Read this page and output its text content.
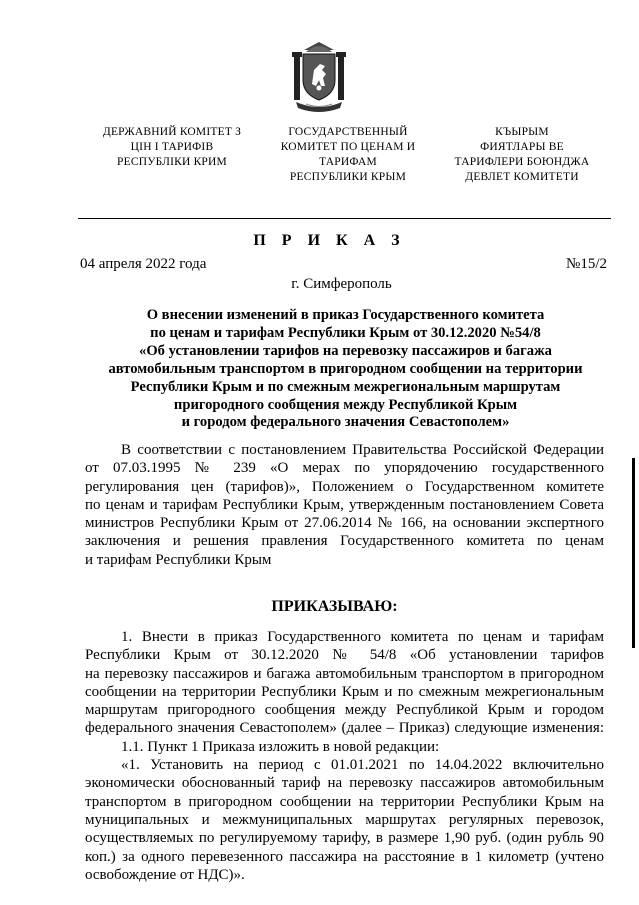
ДЕРЖАВНИЙ КОМІТЕТ З
ЦІН І ТАРИФІВ
РЕСПУБЛІКИ КРИМ
ГОСУДАРСТВЕННЫЙ
КОМИТЕТ ПО ЦЕНАМ И
ТАРИФАМ
РЕСПУБЛИКИ КРЫМ
КЪЫРЫМ
ФИЯТЛАРЫ ВЕ
ТАРИФЛЕРИ БОЮНДЖА
ДЕВЛЕТ КОМИТЕТИ
П Р И К А З
04 апреля 2022 года	№15/2
г. Симферополь
О внесении изменений в приказ Государственного комитета
по ценам и тарифам Республики Крым от 30.12.2020 №54/8
«Об установлении тарифов на перевозку пассажиров и багажа
автомобильным транспортом в пригородном сообщении на территории
Республики Крым и по смежным межрегиональным маршрутам
пригородного сообщения между Республикой Крым
и городом федерального значения Севастополем»
В соответствии с постановлением Правительства Российской Федерации
от 07.03.1995 № 239 «О мерах по упорядочению государственного
регулирования цен (тарифов)», Положением о Государственном комитете
по ценам и тарифам Республики Крым, утвержденным постановлением Совета
министров Республики Крым от 27.06.2014 № 166, на основании экспертного
заключения и решения правления Государственного комитета по ценам
и тарифам Республики Крым
ПРИКАЗЫВАЮ:
1. Внести в приказ Государственного комитета по ценам и тарифам
Республики Крым от 30.12.2020 № 54/8 «Об установлении тарифов
на перевозку пассажиров и багажа автомобильным транспортом в пригородном
сообщении на территории Республики Крым и по смежным межрегиональным
маршрутам пригородного сообщения между Республикой Крым и городом
федерального значения Севастополем» (далее – Приказ) следующие изменения:
1.1. Пункт 1 Приказа изложить в новой редакции:
«1. Установить на период с 01.01.2021 по 14.04.2022 включительно
экономически обоснованный тариф на перевозку пассажиров автомобильным
транспортом в пригородном сообщении на территории Республики Крым на
муниципальных и межмуниципальных маршрутах регулярных перевозок,
осуществляемых по регулируемому тарифу, в размере 1,90 руб. (один рубль 90
коп.) за одного перевезенного пассажира на расстояние в 1 километр (учтено
освобождение от НДС)».
